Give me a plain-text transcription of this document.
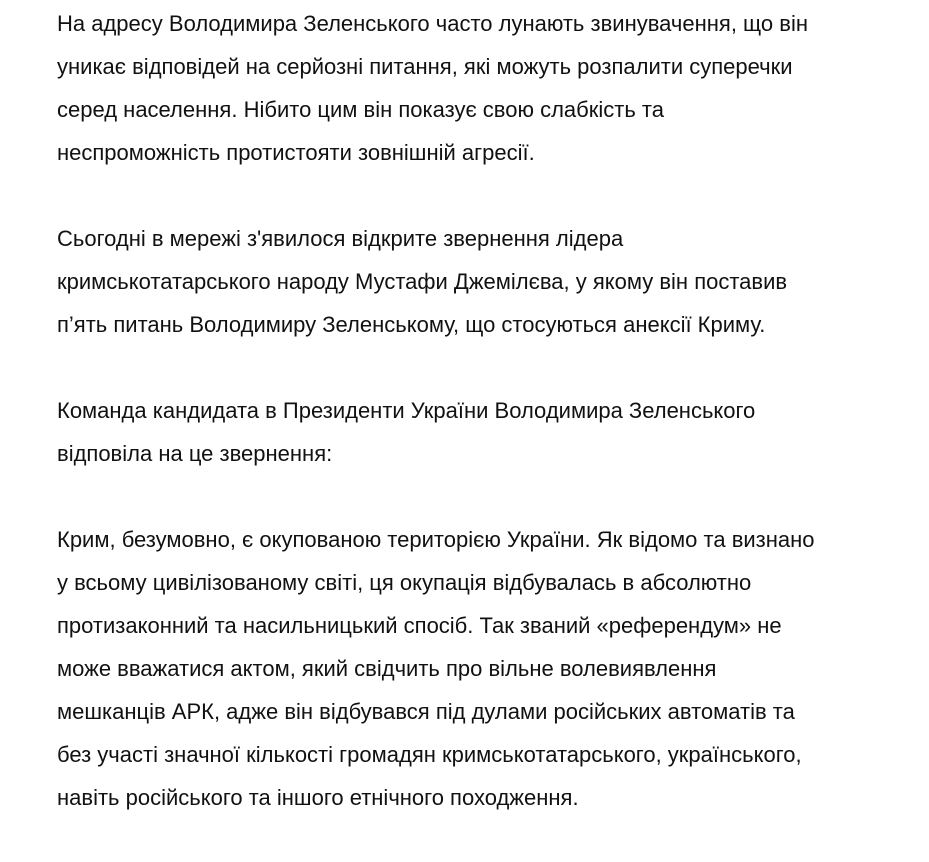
На адресу Володимира Зеленського часто лунають звинувачення, що він
уникає відповідей на серйозні питання, які можуть розпалити суперечки
серед населення. Нібито цим він показує свою слабкість та
неспроможність протистояти зовнішній агресії.

Сьогодні в мережі з'явилося відкрите звернення лідера
кримськотатарського народу Мустафи Джемілєва, у якому він поставив
п’ять питань Володимиру Зеленському, що стосуються анексії Криму.

Команда кандидата в Президенти України Володимира Зеленського
відповіла на це звернення:

Крим, безумовно, є окупованою територією України. Як відомо та визнано
у всьому цивілізованому світі, ця окупація відбувалась в абсолютно
протизаконний та насильницький спосіб. Так званий «референдум» не
може вважатися актом, який свідчить про вільне волевиявлення
мешканців АРК, адже він відбувався під дулами російських автоматів та
без участі значної кількості громадян кримськотатарського, українського,
навіть російського та іншого етнічного походження.
